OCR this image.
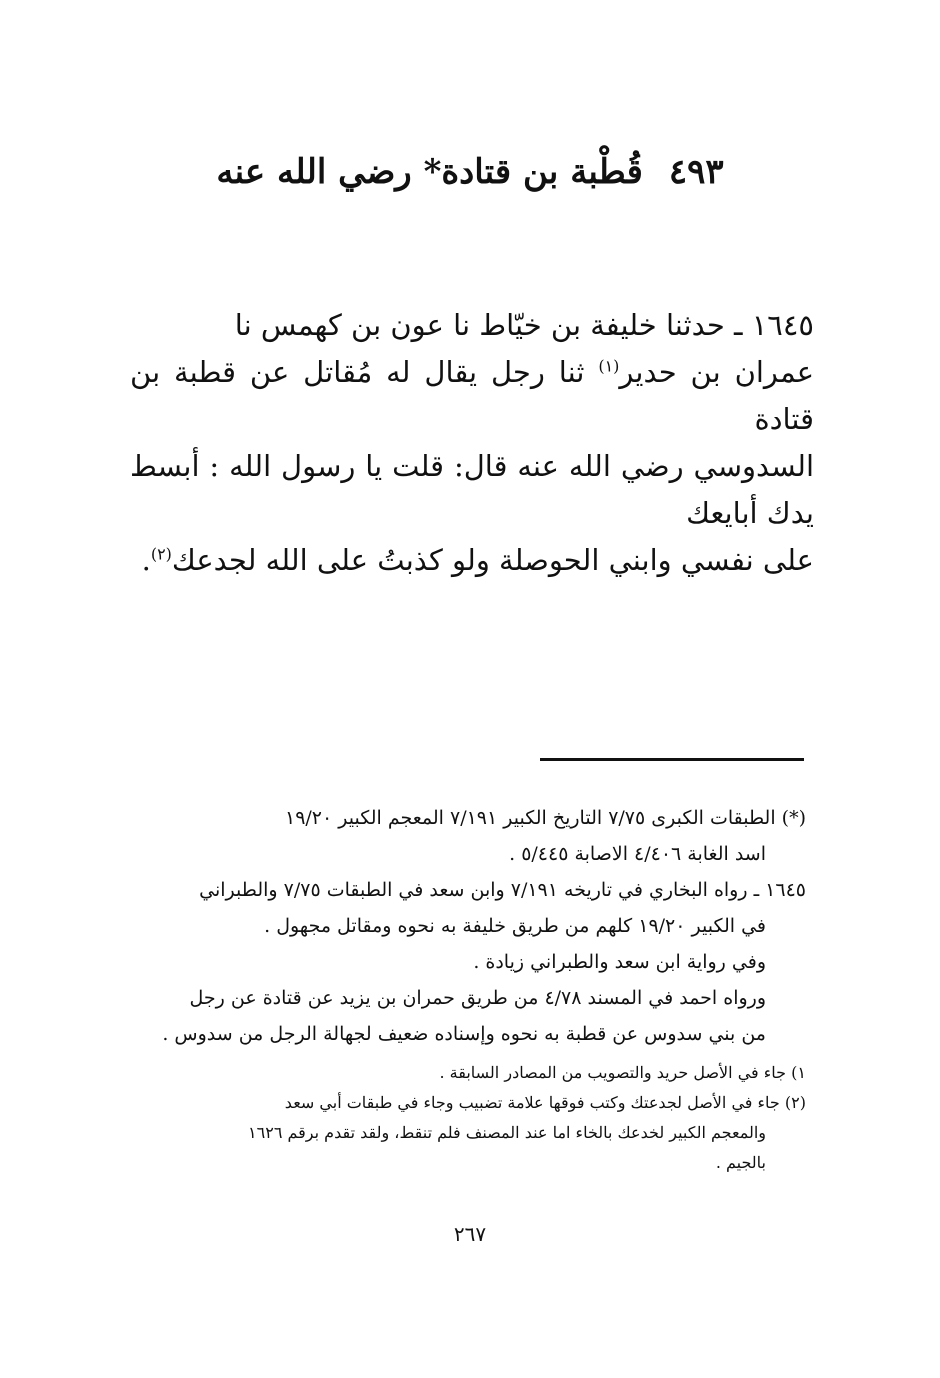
٤٩٣قُطْبة بن قتادة* رضي الله عنه

١٦٤٥ ـ حدثنا خليفة بن خيّاط نا عون بن كهمس نا

عمران بن حدير$^{(١)}$ ثنا رجل يقال له مُقاتل عن قطبة بن قتادة

السدوسي رضي الله عنه قال: قلت يا رسول الله : أبسط يدك أبايعك

على نفسي وابني الحوصلة ولو كذبتُ على الله لجدعك$^{(٢)}$.

(*) الطبقات الكبرى ٧/٧٥ التاريخ الكبير ٧/١٩١ المعجم الكبير ١٩/٢٠

اسد الغابة ٤/٤٠٦ الاصابة ٥/٤٤٥ .

١٦٤٥ ـ رواه البخاري في تاريخه ٧/١٩١ وابن سعد في الطبقات ٧/٧٥ والطبراني

في الكبير ١٩/٢٠ كلهم من طريق خليفة به نحوه ومقاتل مجهول .

وفي رواية ابن سعد والطبراني زيادة .

ورواه احمد في المسند ٤/٧٨ من طريق حمران بن يزيد عن قتادة عن رجل

من بني سدوس عن قطبة به نحوه وإسناده ضعيف لجهالة الرجل من سدوس .

١) جاء في الأصل حريد والتصويب من المصادر السابقة .

(٢) جاء في الأصل لجدعتك وكتب فوقها علامة تضبيب وجاء في طبقات أبي سعد

والمعجم الكبير لخدعك بالخاء اما عند المصنف فلم تنقط، ولقد تقدم برقم ١٦٢٦

بالجيم .

٢٦٧
